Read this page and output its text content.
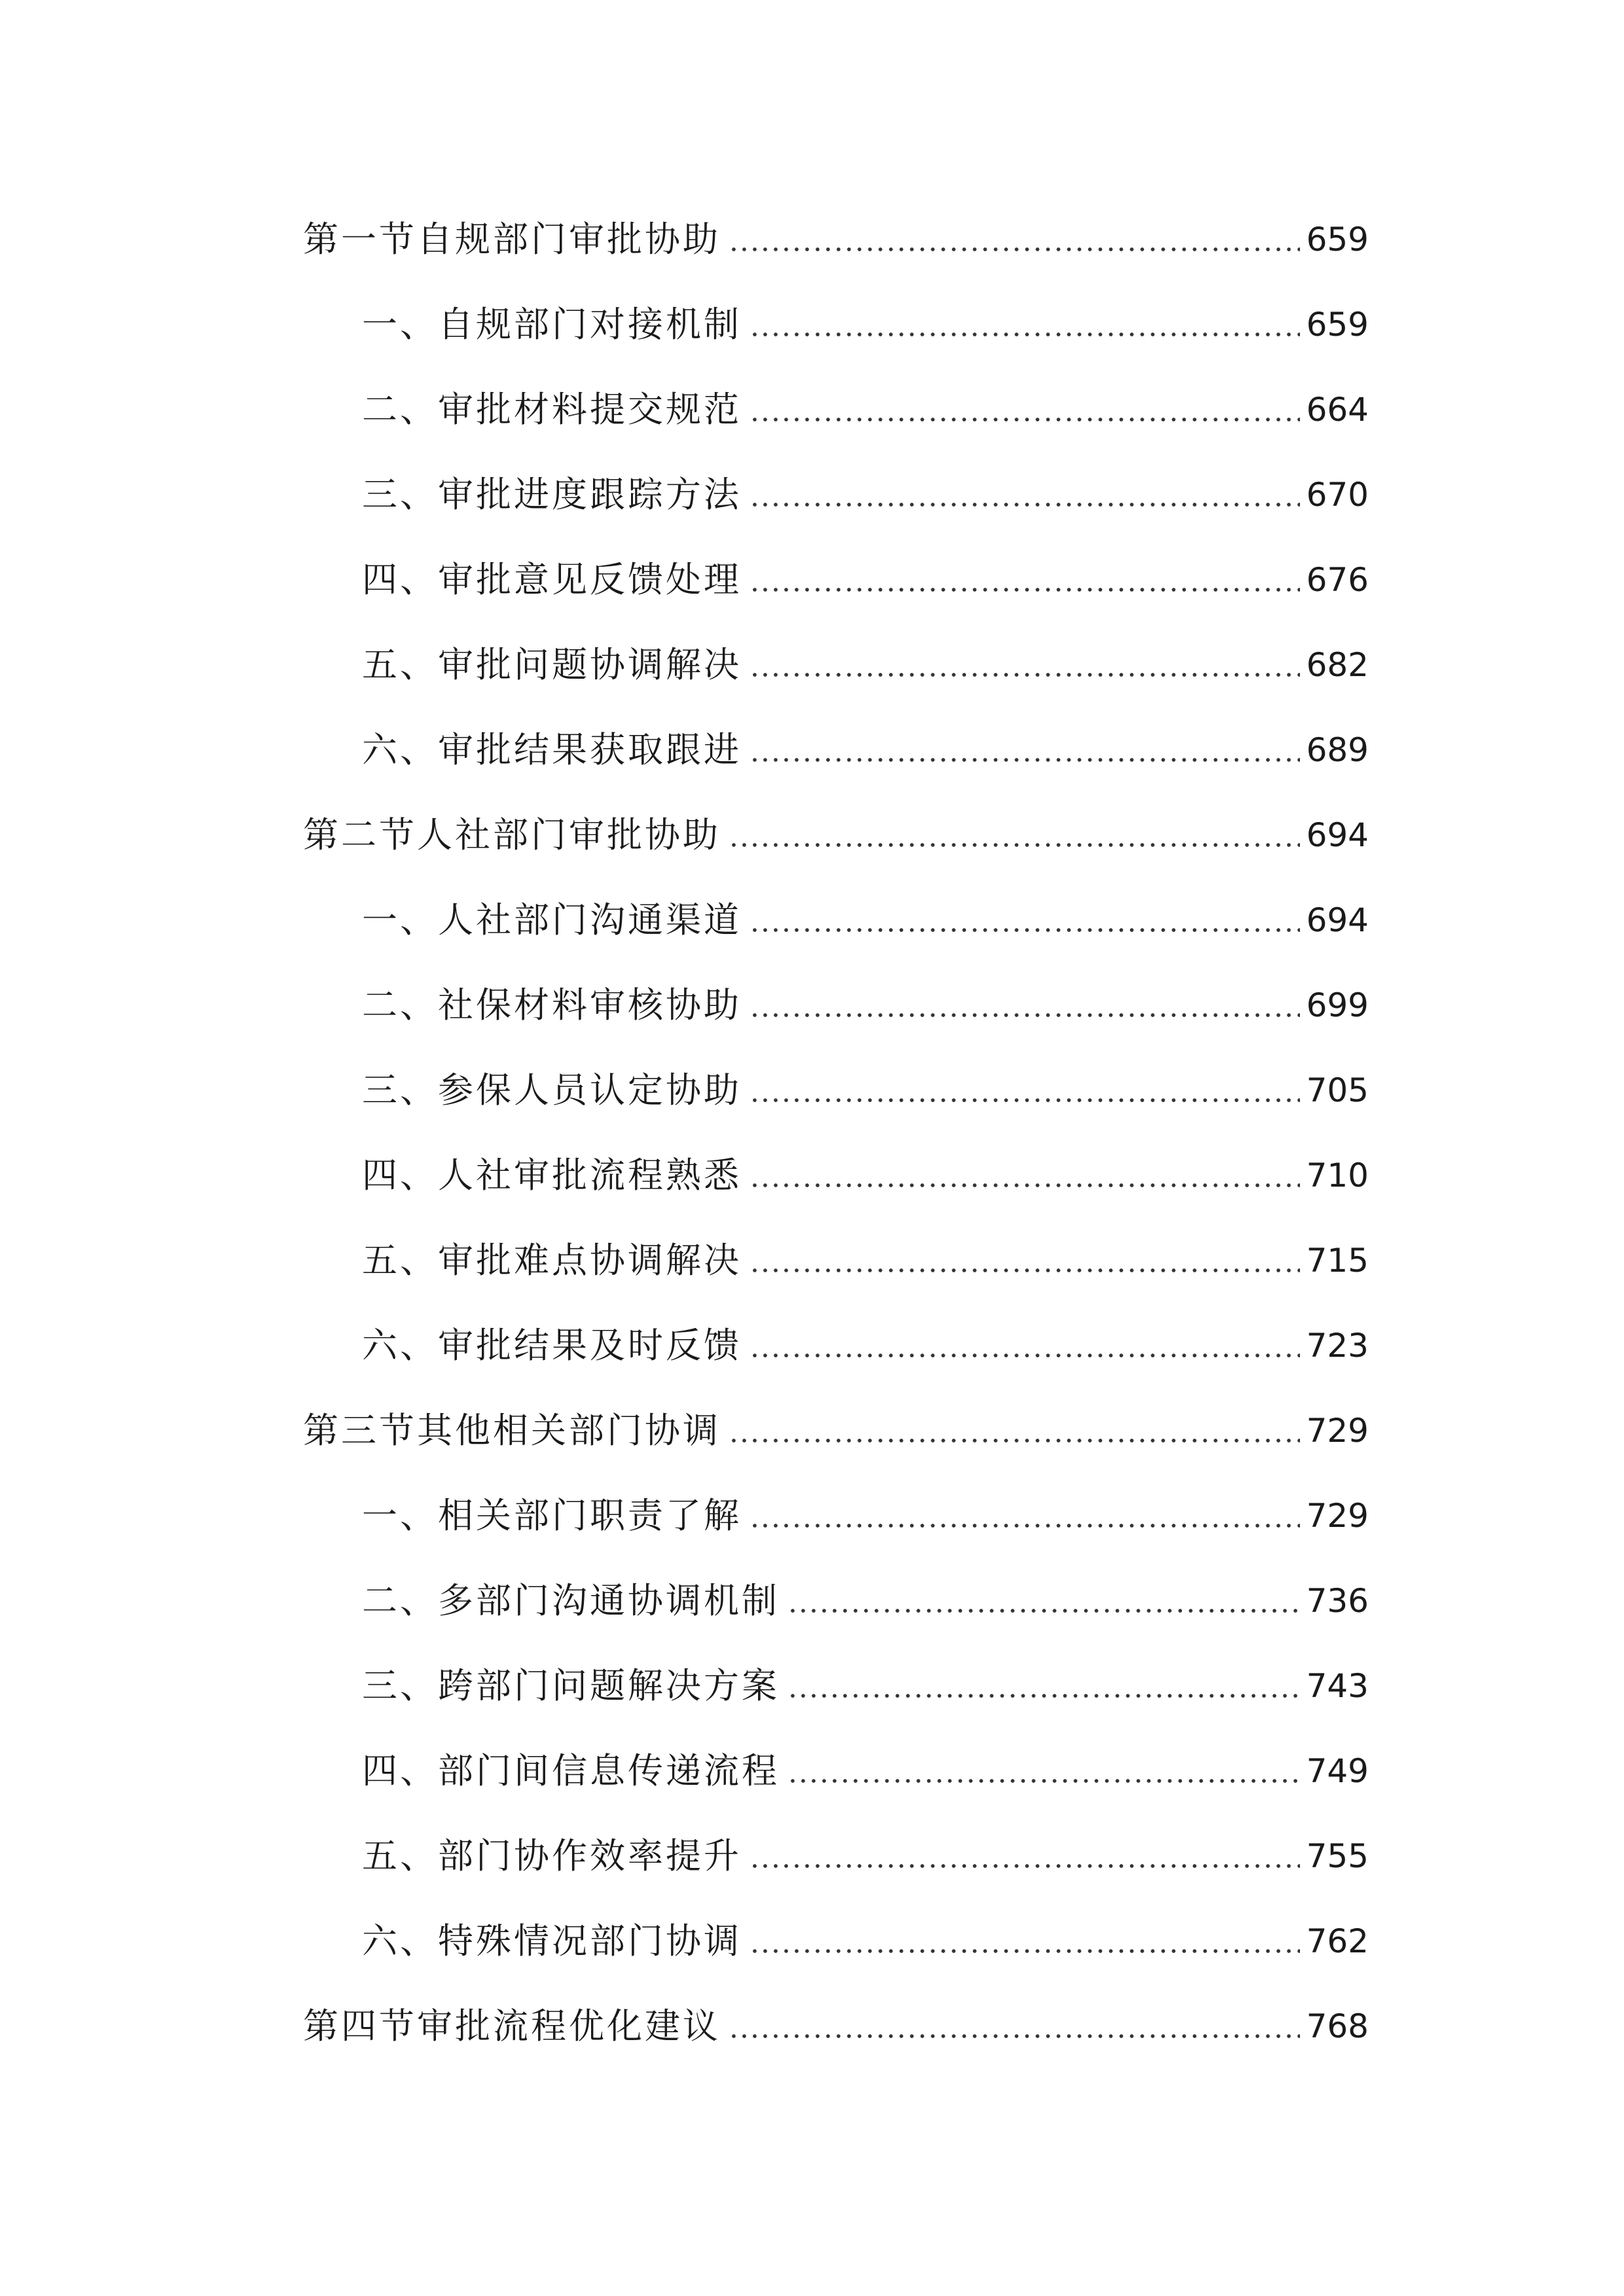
第一节自规部门审批协助	659
一、自规部门对接机制	659
二、审批材料提交规范	664
三、审批进度跟踪方法	670
四、审批意见反馈处理	676
五、审批问题协调解决	682
六、审批结果获取跟进	689
第二节人社部门审批协助	694
一、人社部门沟通渠道	694
二、社保材料审核协助	699
三、参保人员认定协助	705
四、人社审批流程熟悉	710
五、审批难点协调解决	715
六、审批结果及时反馈	723
第三节其他相关部门协调	729
一、相关部门职责了解	729
二、多部门沟通协调机制	736
三、跨部门问题解决方案	743
四、部门间信息传递流程	749
五、部门协作效率提升	755
六、特殊情况部门协调	762
第四节审批流程优化建议	768
